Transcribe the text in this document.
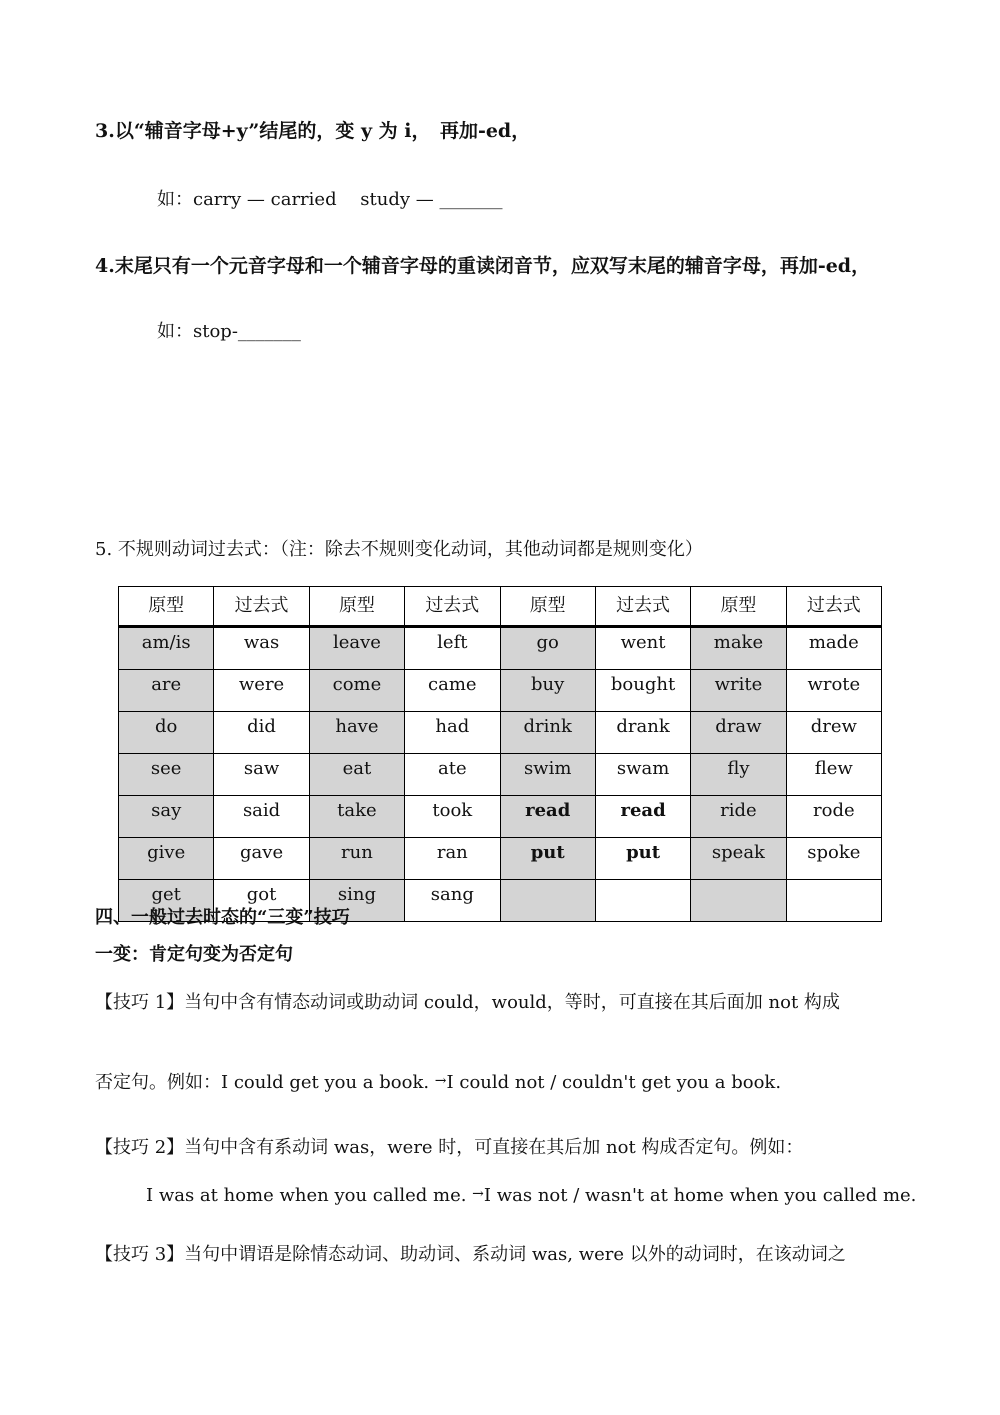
3.以“辅音字母+y”结尾的，变 y 为 i，　再加-ed，
如：carry — carried　 study — _______
4.末尾只有一个元音字母和一个辅音字母的重读闭音节，应双写末尾的辅音字母，再加-ed，
如：stop-_______
5. 不规则动词过去式：（注：除去不规则变化动词，其他动词都是规则变化）
原型	过去式	原型	过去式	原型	过去式	原型	过去式
am/is	was	leave	left	go	went	make	made
are	were	come	came	buy	bought	write	wrote
do	did	have	had	drink	drank	draw	drew
see	saw	eat	ate	swim	swam	fly	flew
say	said	take	took	read	read	ride	rode
give	gave	run	ran	put	put	speak	spoke
get	got	sing	sang				
四、一般过去时态的“三变”技巧
一变：肯定句变为否定句
【技巧 1】当句中含有情态动词或助动词 could，would，等时，可直接在其后面加 not 构成
否定句。例如：I could get you a book. →I could not / couldn't get you a book.
【技巧 2】当句中含有系动词 was，were 时，可直接在其后加 not 构成否定句。例如：
I was at home when you called me. →I was not / wasn't at home when you called me.
【技巧 3】当句中谓语是除情态动词、助动词、系动词 was, were 以外的动词时，在该动词之
